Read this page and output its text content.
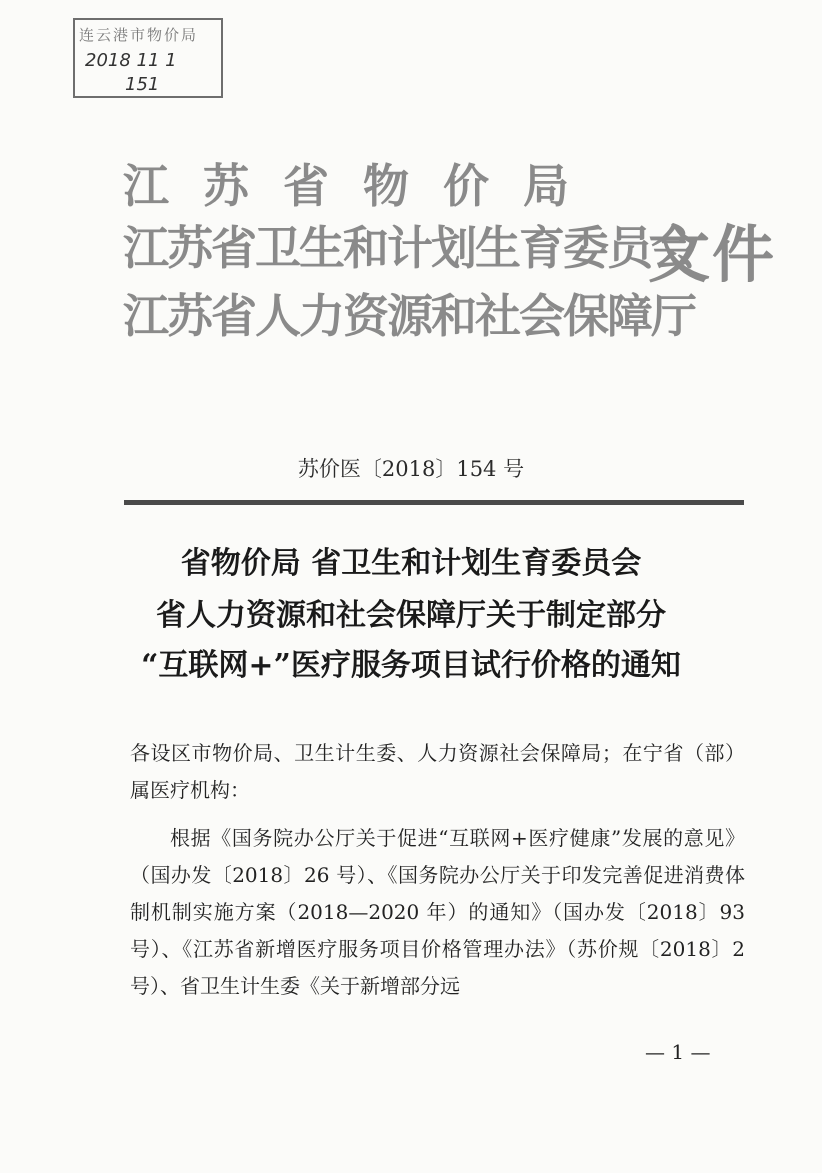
连云港市物价局
2018 11 1
151
江苏省物价局
江苏省卫生和计划生育委员会
江苏省人力资源和社会保障厅
文件
苏价医〔2018〕154 号
省物价局 省卫生和计划生育委员会
省人力资源和社会保障厅关于制定部分
“互联网+”医疗服务项目试行价格的通知

各设区市物价局、卫生计生委、人力资源社会保障局；在宁省（部）属医疗机构：

根据《国务院办公厅关于促进“互联网+医疗健康”发展的意见》（国办发〔2018〕26 号）、《国务院办公厅关于印发完善促进消费体制机制实施方案（2018—2020 年）的通知》（国办发〔2018〕93 号）、《江苏省新增医疗服务项目价格管理办法》（苏价规〔2018〕2 号）、省卫生计生委《关于新增部分远

— 1 —
